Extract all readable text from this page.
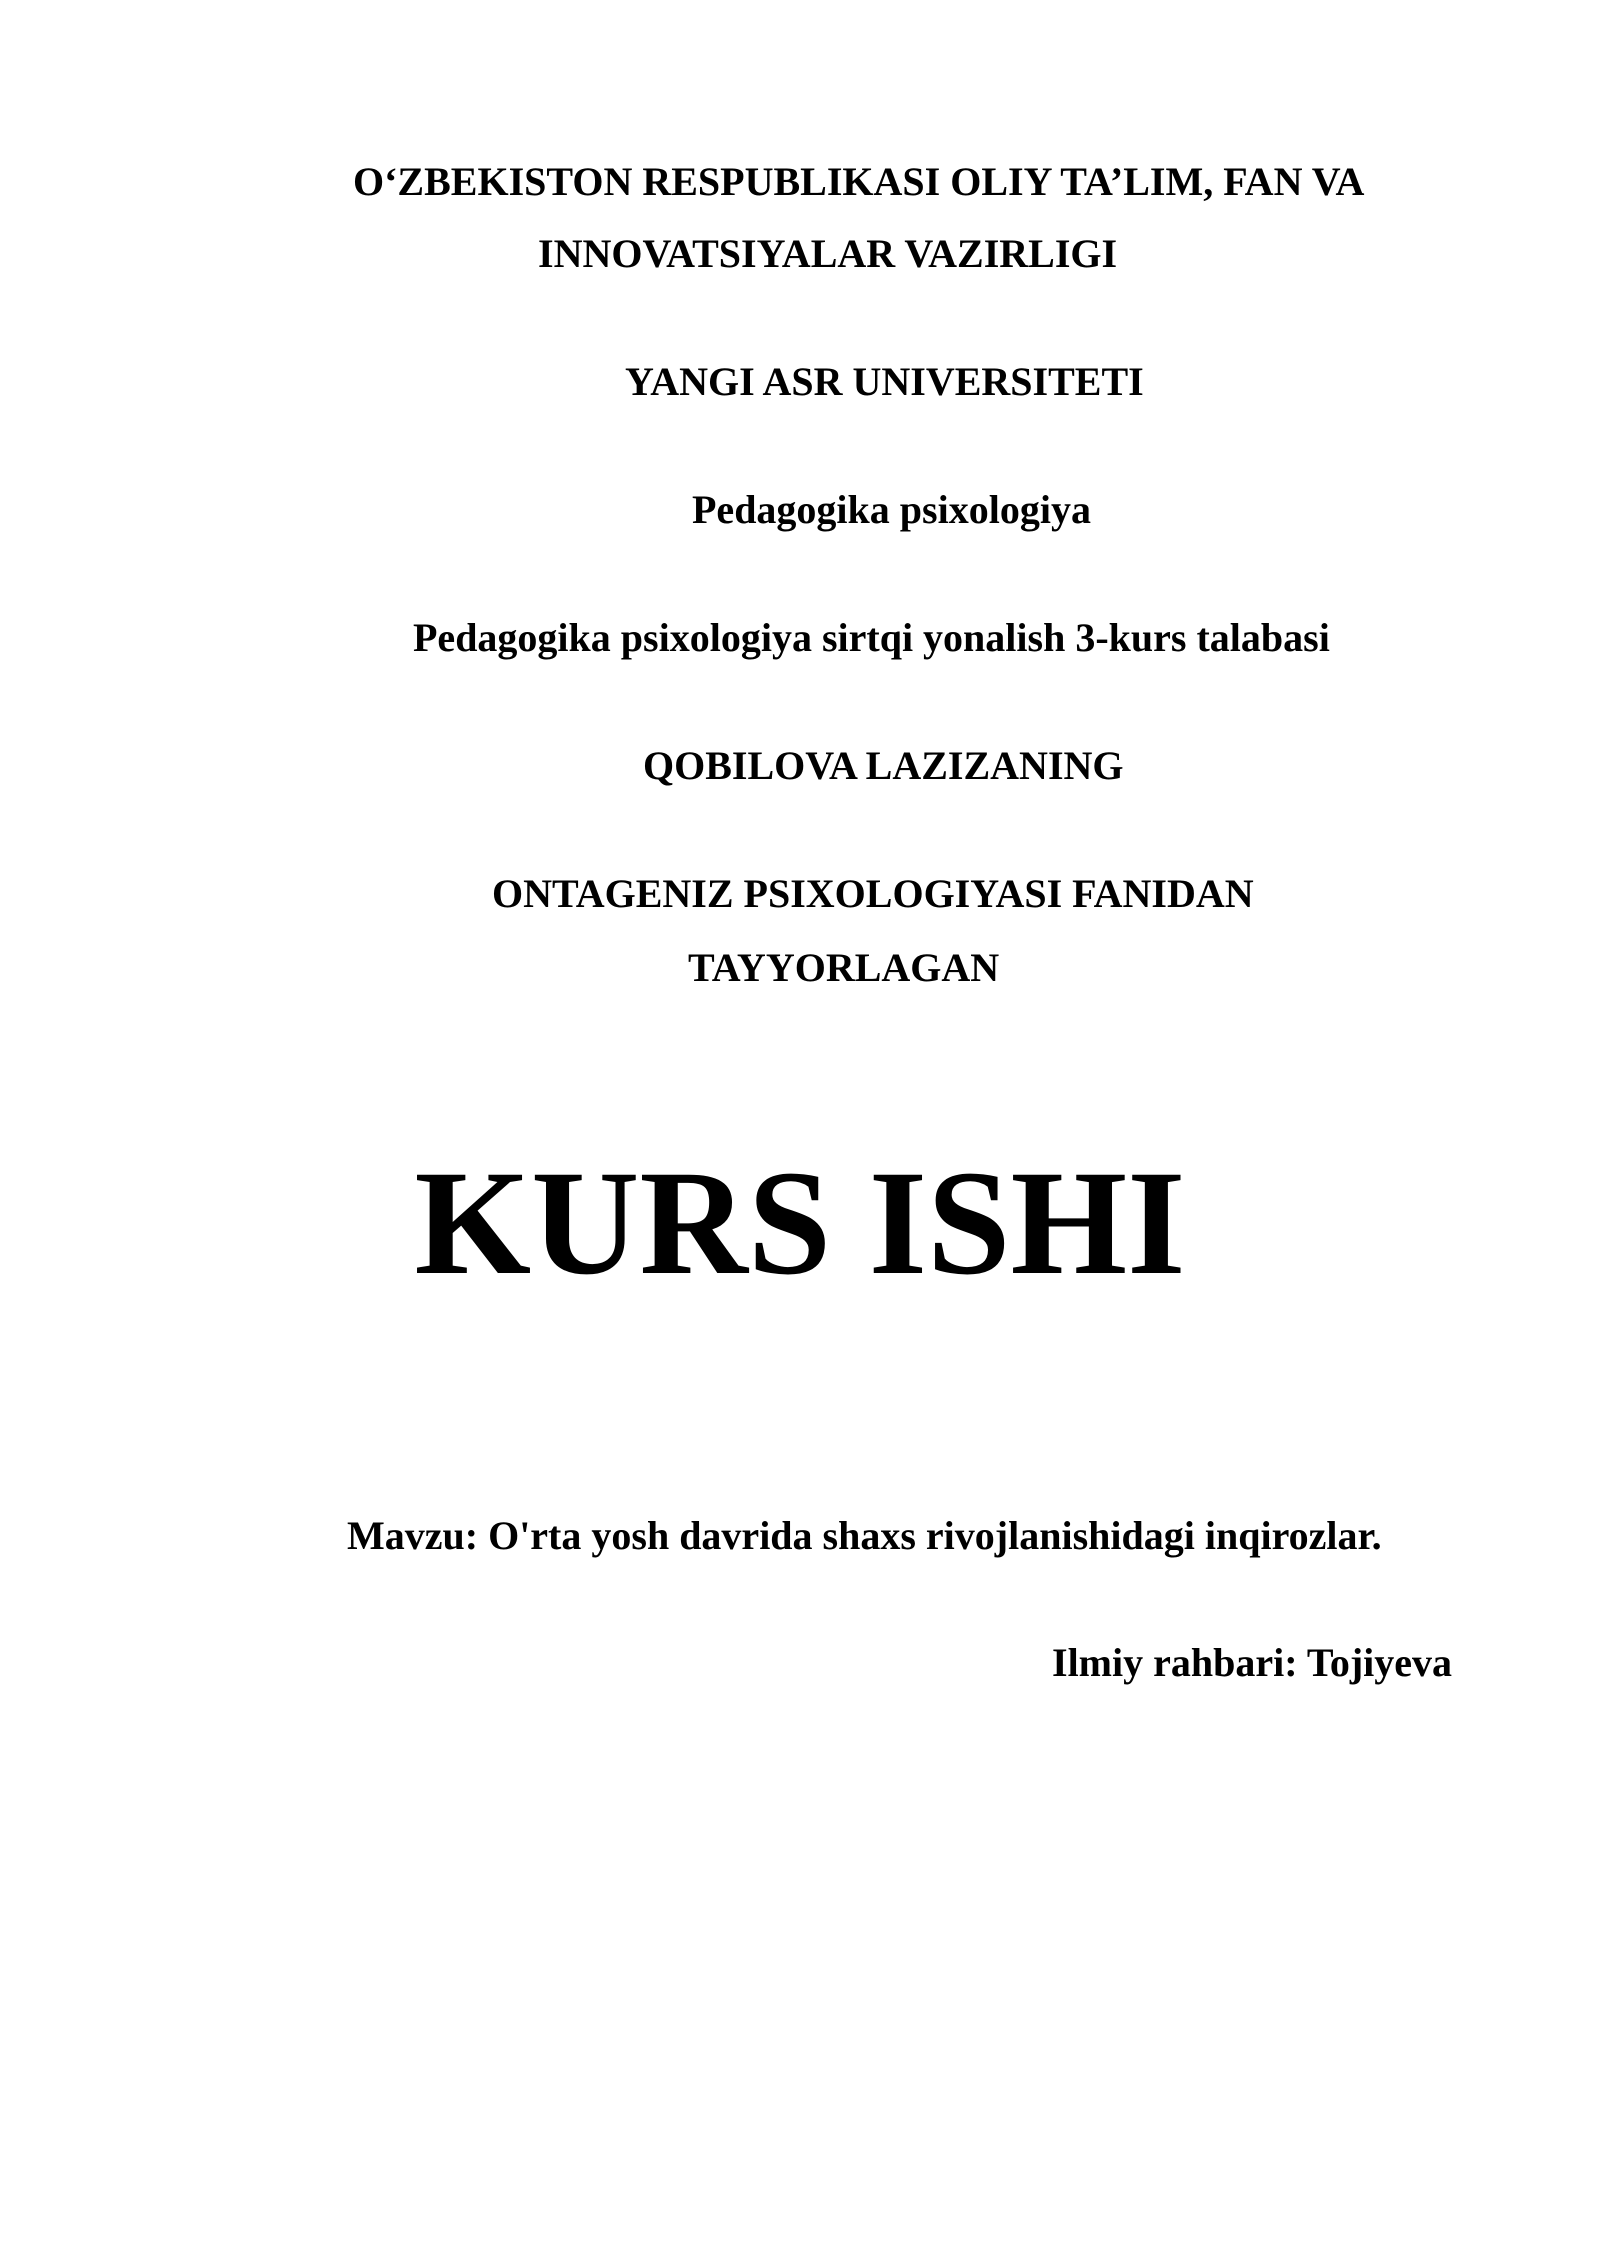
O‘ZBEKISTON RESPUBLIKASI OLIY TA’LIM, FAN VA

INNOVATSIYALAR VAZIRLIGI

YANGI ASR UNIVERSITETI

Pedagogika psixologiya

Pedagogika psixologiya sirtqi yonalish 3-kurs talabasi

QOBILOVA LAZIZANING

ONTAGENIZ PSIXOLOGIYASI FANIDAN

TAYYORLAGAN

KURS ISHI

Mavzu: O'rta yosh davrida shaxs rivojlanishidagi inqirozlar.

Ilmiy rahbari: Tojiyeva
